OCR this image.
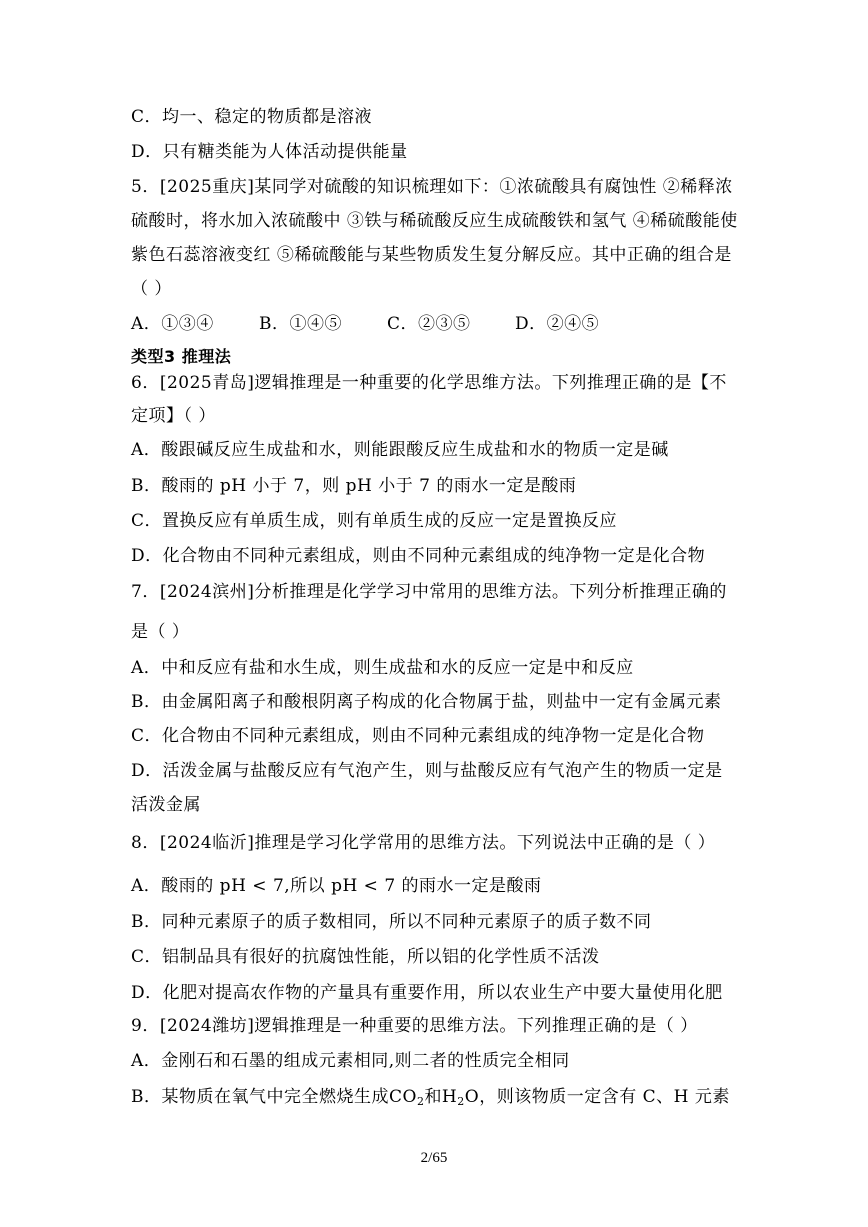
C．均一、稳定的物质都是溶液
D．只有糖类能为人体活动提供能量
5．[2025重庆]某同学对硫酸的知识梳理如下：①浓硫酸具有腐蚀性 ②稀释浓
硫酸时，将水加入浓硫酸中 ③铁与稀硫酸反应生成硫酸铁和氢气 ④稀硫酸能使
紫色石蕊溶液变红 ⑤稀硫酸能与某些物质发生复分解反应。其中正确的组合是
（ ）
A．①③④	B．①④⑤	C．②③⑤	D．②④⑤
类型3 推理法
6．[2025青岛]逻辑推理是一种重要的化学思维方法。下列推理正确的是【不
定项】（ ）
A．酸跟碱反应生成盐和水，则能跟酸反应生成盐和水的物质一定是碱
B．酸雨的 pH 小于 7，则 pH 小于 7 的雨水一定是酸雨
C．置换反应有单质生成，则有单质生成的反应一定是置换反应
D．化合物由不同种元素组成，则由不同种元素组成的纯净物一定是化合物
7．[2024滨州]分析推理是化学学习中常用的思维方法。下列分析推理正确的
是（ ）
A．中和反应有盐和水生成，则生成盐和水的反应一定是中和反应
B．由金属阳离子和酸根阴离子构成的化合物属于盐，则盐中一定有金属元素
C．化合物由不同种元素组成，则由不同种元素组成的纯净物一定是化合物
D．活泼金属与盐酸反应有气泡产生，则与盐酸反应有气泡产生的物质一定是
活泼金属
8．[2024临沂]推理是学习化学常用的思维方法。下列说法中正确的是（ ）
A．酸雨的 pH < 7,所以 pH < 7 的雨水一定是酸雨
B．同种元素原子的质子数相同，所以不同种元素原子的质子数不同
C．铝制品具有很好的抗腐蚀性能，所以铝的化学性质不活泼
D．化肥对提高农作物的产量具有重要作用，所以农业生产中要大量使用化肥
9．[2024潍坊]逻辑推理是一种重要的思维方法。下列推理正确的是（ ）
A．金刚石和石墨的组成元素相同,则二者的性质完全相同
B．某物质在氧气中完全燃烧生成$CO_2$和$H_2O$，则该物质一定含有 C、H 元素
2/65
